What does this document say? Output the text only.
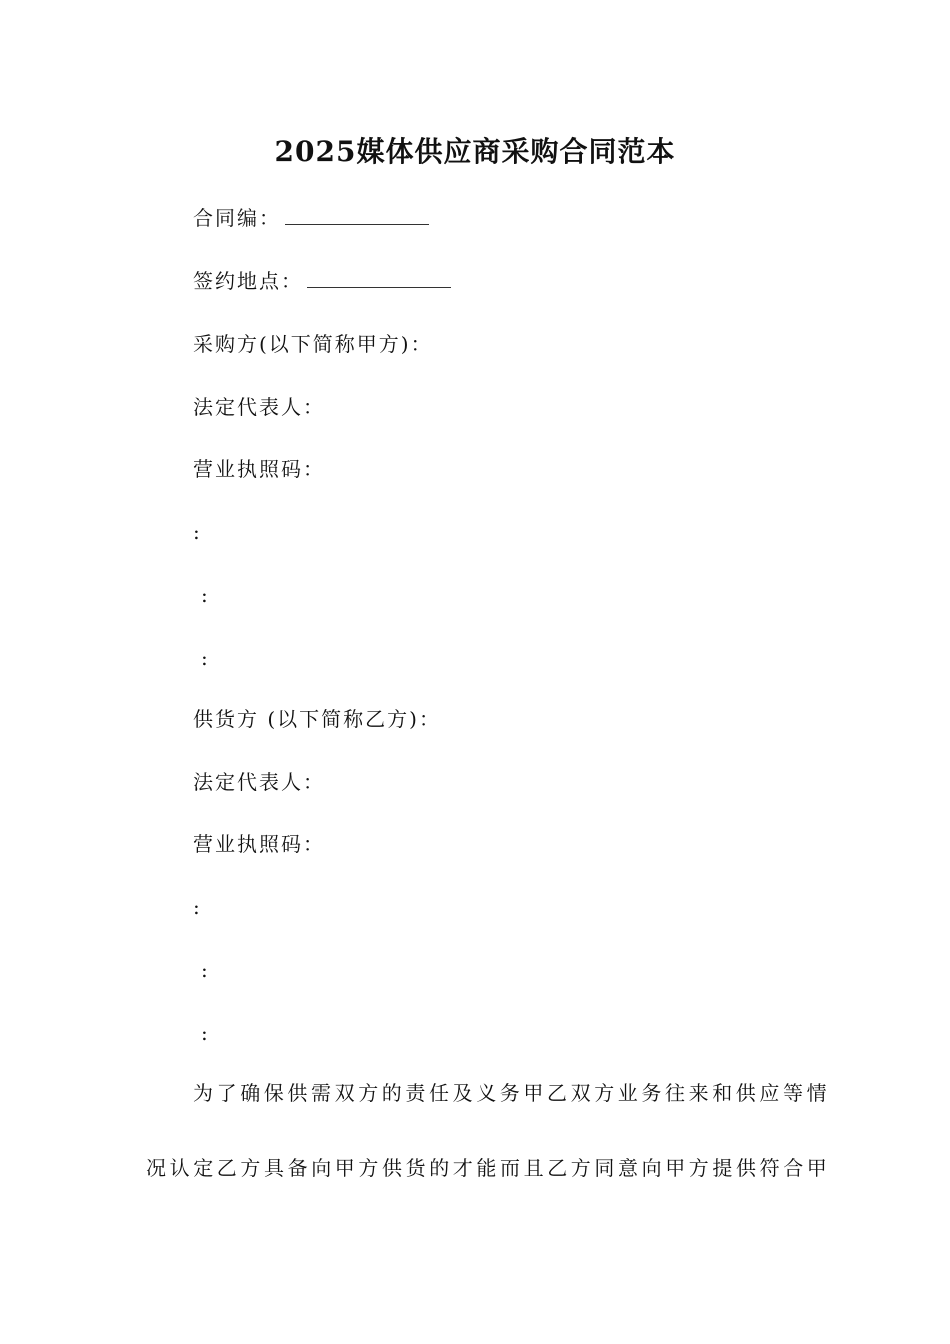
2025媒体供应商采购合同范本

合同编：

签约地点：

采购方(以下简称甲方)：

法定代表人：

营业执照码：

:

:

:

供货方 (以下简称乙方)：

法定代表人：

营业执照码：

:

:

:

为了确保供需双方的责任及义务甲乙双方业务往来和供应等情

况认定乙方具备向甲方供货的才能而且乙方同意向甲方提供符合甲
